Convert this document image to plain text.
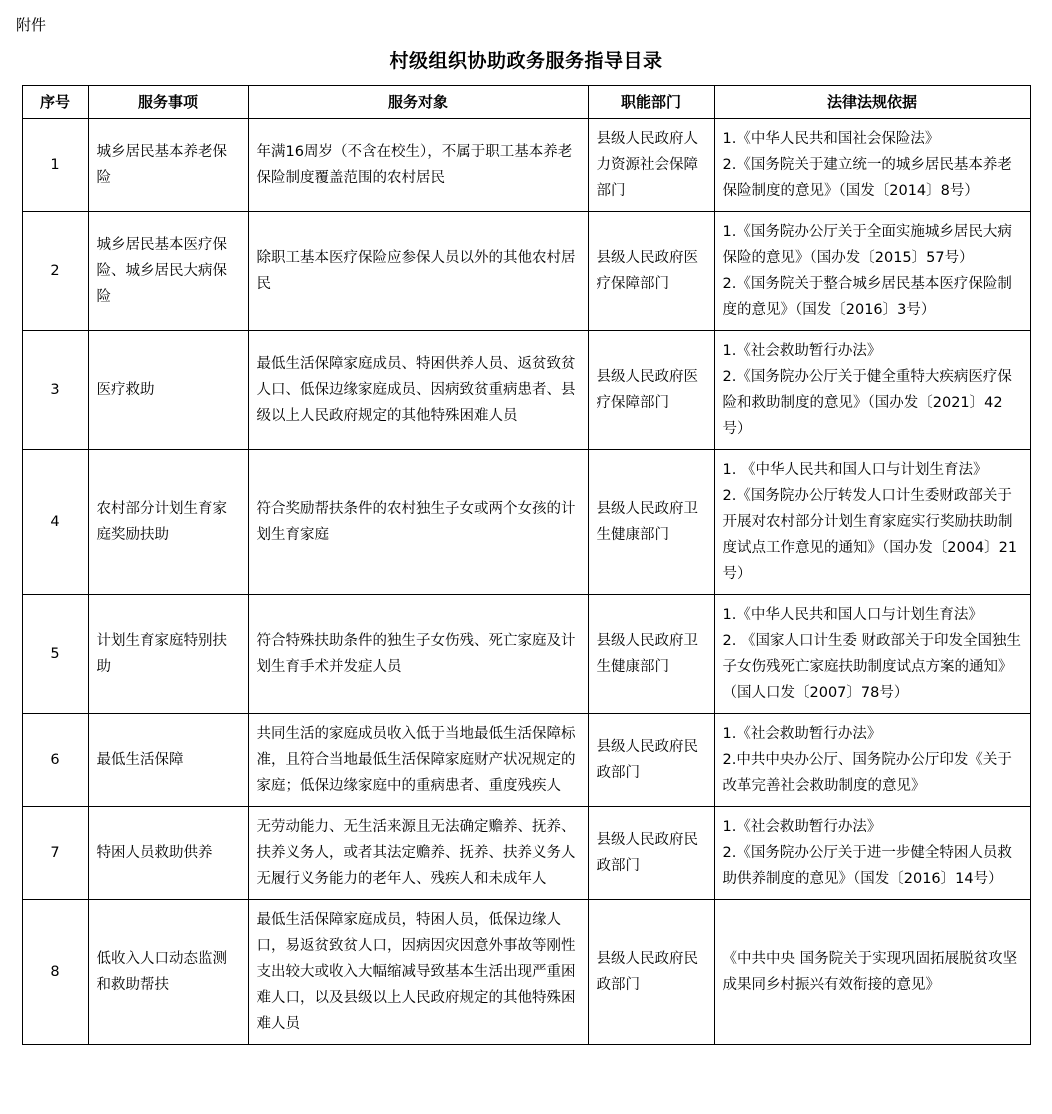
附件
村级组织协助政务服务指导目录
序号	服务事项	服务对象	职能部门	法律法规依据

1	城乡居民基本养老保险	年满16周岁（不含在校生），不属于职工基本养老保险制度覆盖范围的农村居民	县级人民政府人力资源社会保障部门	1.《中华人民共和国社会保险法》
2.《国务院关于建立统一的城乡居民基本养老保险制度的意见》（国发〔2014〕8号）

2	城乡居民基本医疗保险、城乡居民大病保险	除职工基本医疗保险应参保人员以外的其他农村居民	县级人民政府医疗保障部门	1.《国务院办公厅关于全面实施城乡居民大病保险的意见》（国办发〔2015〕57号）
2.《国务院关于整合城乡居民基本医疗保险制度的意见》（国发〔2016〕3号）

3	医疗救助	最低生活保障家庭成员、特困供养人员、返贫致贫人口、低保边缘家庭成员、因病致贫重病患者、县级以上人民政府规定的其他特殊困难人员	县级人民政府医疗保障部门	1.《社会救助暂行办法》
2.《国务院办公厅关于健全重特大疾病医疗保险和救助制度的意见》（国办发〔2021〕42号）

4	农村部分计划生育家庭奖励扶助	符合奖励帮扶条件的农村独生子女或两个女孩的计划生育家庭	县级人民政府卫生健康部门	1. 《中华人民共和国人口与计划生育法》
2.《国务院办公厅转发人口计生委财政部关于开展对农村部分计划生育家庭实行奖励扶助制度试点工作意见的通知》（国办发〔2004〕21号）

5	计划生育家庭特别扶助	符合特殊扶助条件的独生子女伤残、死亡家庭及计划生育手术并发症人员	县级人民政府卫生健康部门	1.《中华人民共和国人口与计划生育法》
2. 《国家人口计生委 财政部关于印发全国独生子女伤残死亡家庭扶助制度试点方案的通知》（国人口发〔2007〕78号）

6	最低生活保障	共同生活的家庭成员收入低于当地最低生活保障标准，且符合当地最低生活保障家庭财产状况规定的家庭；低保边缘家庭中的重病患者、重度残疾人	县级人民政府民政部门	1.《社会救助暂行办法》
2.中共中央办公厅、国务院办公厅印发《关于改革完善社会救助制度的意见》

7	特困人员救助供养	无劳动能力、无生活来源且无法确定赡养、抚养、扶养义务人，或者其法定赡养、抚养、扶养义务人无履行义务能力的老年人、残疾人和未成年人	县级人民政府民政部门	1.《社会救助暂行办法》
2.《国务院办公厅关于进一步健全特困人员救助供养制度的意见》（国发〔2016〕14号）

8	低收入人口动态监测和救助帮扶	最低生活保障家庭成员，特困人员，低保边缘人口，易返贫致贫人口，因病因灾因意外事故等刚性支出较大或收入大幅缩减导致基本生活出现严重困难人口，以及县级以上人民政府规定的其他特殊困难人员	县级人民政府民政部门	《中共中央 国务院关于实现巩固拓展脱贫攻坚成果同乡村振兴有效衔接的意见》
